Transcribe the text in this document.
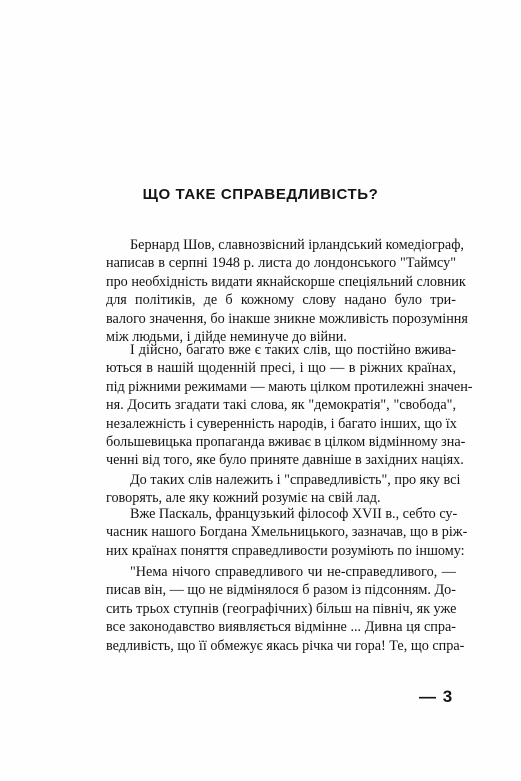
ЩО ТАКЕ СПРАВЕДЛИВІСТЬ?
Бернард Шов, славнозвісний ірландський комедіограф,
написав в серпні 1948 р. листа до лондонського "Таймсу"
про необхідність видати якнайскорше спеціяльний словник
для політиків, де б кожному слову надано було три-
валого значення, бо інакше зникне можливість порозуміння
між людьми, і дійде неминуче до війни.
І дійсно, багато вже є таких слів, що постійно вжива-
ються в нашій щоденній пресі, і що — в ріжних країнах,
під ріжними режимами — мають цілком протилежні значен-
ня. Досить згадати такі слова, як "демократія", "свобода",
незалежність і суверенність народів, і багато інших, що їх
большевицька пропаганда вживає в цілком відмінному зна-
ченні від того, яке було приняте давніше в західних націях.
До таких слів належить і "справедливість", про яку всі
говорять, але яку кожний розуміє на свій лад.
Вже Паскаль, французький філософ XVII в., себто су-
часник нашого Богдана Хмельницького, зазначав, що в ріж-
них країнах поняття справедливости розуміють по іншому:
"Нема нічого справедливого чи не-справедливого, —
писав він, — що не відмінялося б разом із підсонням. До-
сить трьох ступнів (географічних) більш на північ, як уже
все законодавство виявляється відмінне ... Дивна ця спра-
ведливість, що її обмежує якась річка чи гора! Те, що спра-
— 3
